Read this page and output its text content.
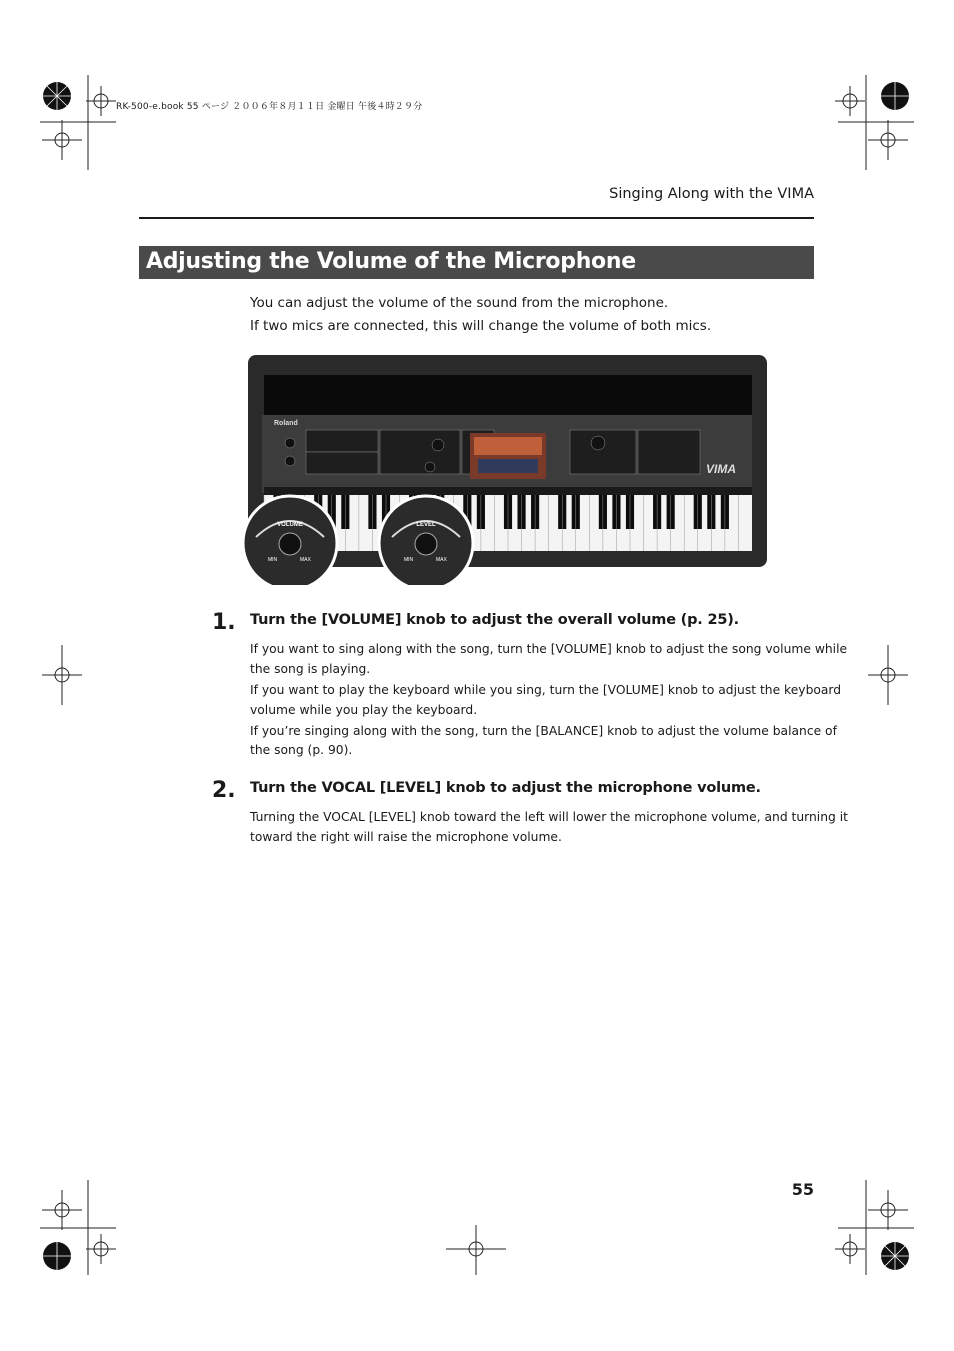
RK-500-e.book 55 ページ ２００６年８月１１日 金曜日 午後４時２９分
Singing Along with the VIMA
Adjusting the Volume of the Microphone
You can adjust the volume of the sound from the microphone.
If two mics are connected, this will change the volume of both mics.
Roland
VIMA
VOLUME
MIN	MAX
LEVEL
MIN	MAX
1. Turn the [VOLUME] knob to adjust the overall volume (p. 25).
If you want to sing along with the song, turn the [VOLUME] knob to adjust the song volume while
the song is playing.
If you want to play the keyboard while you sing, turn the [VOLUME] knob to adjust the keyboard
volume while you play the keyboard.
If you’re singing along with the song, turn the [BALANCE] knob to adjust the volume balance of
the song (p. 90).
2. Turn the VOCAL [LEVEL] knob to adjust the microphone volume.
Turning the VOCAL [LEVEL] knob toward the left will lower the microphone volume, and turning it
toward the right will raise the microphone volume.
55
